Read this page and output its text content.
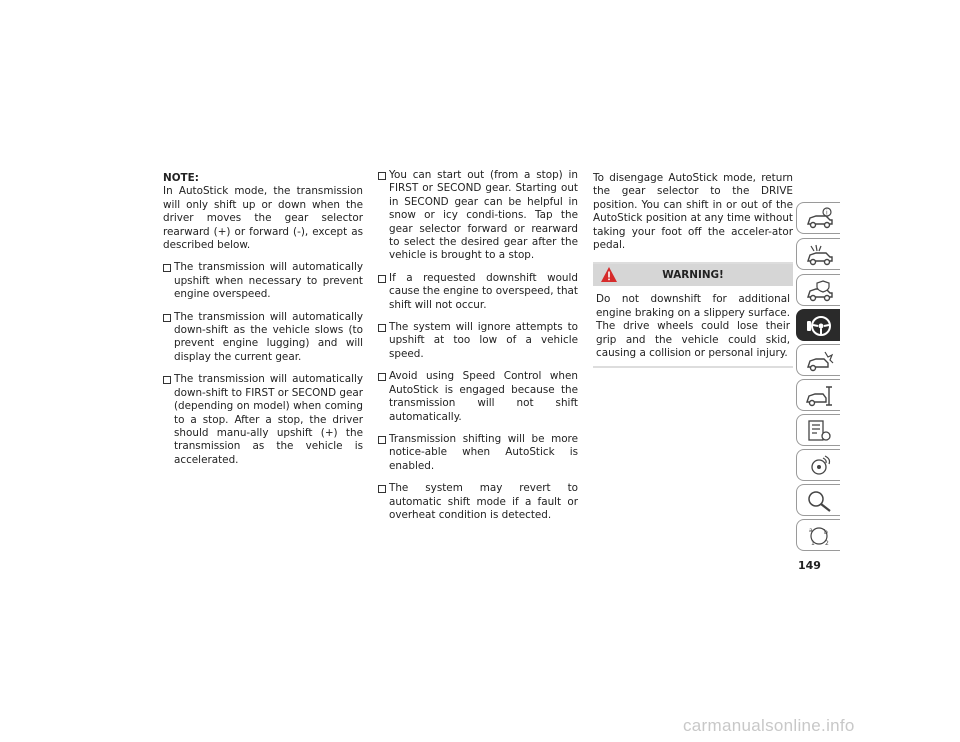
NOTE:

In AutoStick mode, the transmission will only shift up or down when the driver moves the gear selector rearward (+) or forward (-), except as described below.

The transmission will automatically upshift when necessary to prevent engine overspeed.
The transmission will automatically down-shift as the vehicle slows (to prevent engine lugging) and will display the current gear.
The transmission will automatically down-shift to FIRST or SECOND gear (depending on model) when coming to a stop. After a stop, the driver should manu-ally upshift (+) the transmission as the vehicle is accelerated.
You can start out (from a stop) in FIRST or SECOND gear. Starting out in SECOND gear can be helpful in snow or icy condi-tions. Tap the gear selector forward or rearward to select the desired gear after the vehicle is brought to a stop.
If a requested downshift would cause the engine to overspeed, that shift will not occur.
The system will ignore attempts to upshift at too low of a vehicle speed.
Avoid using Speed Control when AutoStick is engaged because the transmission will not shift automatically.
Transmission shifting will be more notice-able when AutoStick is enabled.
The system may revert to automatic shift mode if a fault or overheat condition is detected.

To disengage AutoStick mode, return the gear selector to the DRIVE position. You can shift in or out of the AutoStick position at any time without taking your foot off the acceler-ator pedal.

WARNING!
Do not downshift for additional engine braking on a slippery surface. The drive wheels could lose their grip and the vehicle could skid, causing a collision or personal injury.
i
a b
1 2
149
carmanualsonline.info
